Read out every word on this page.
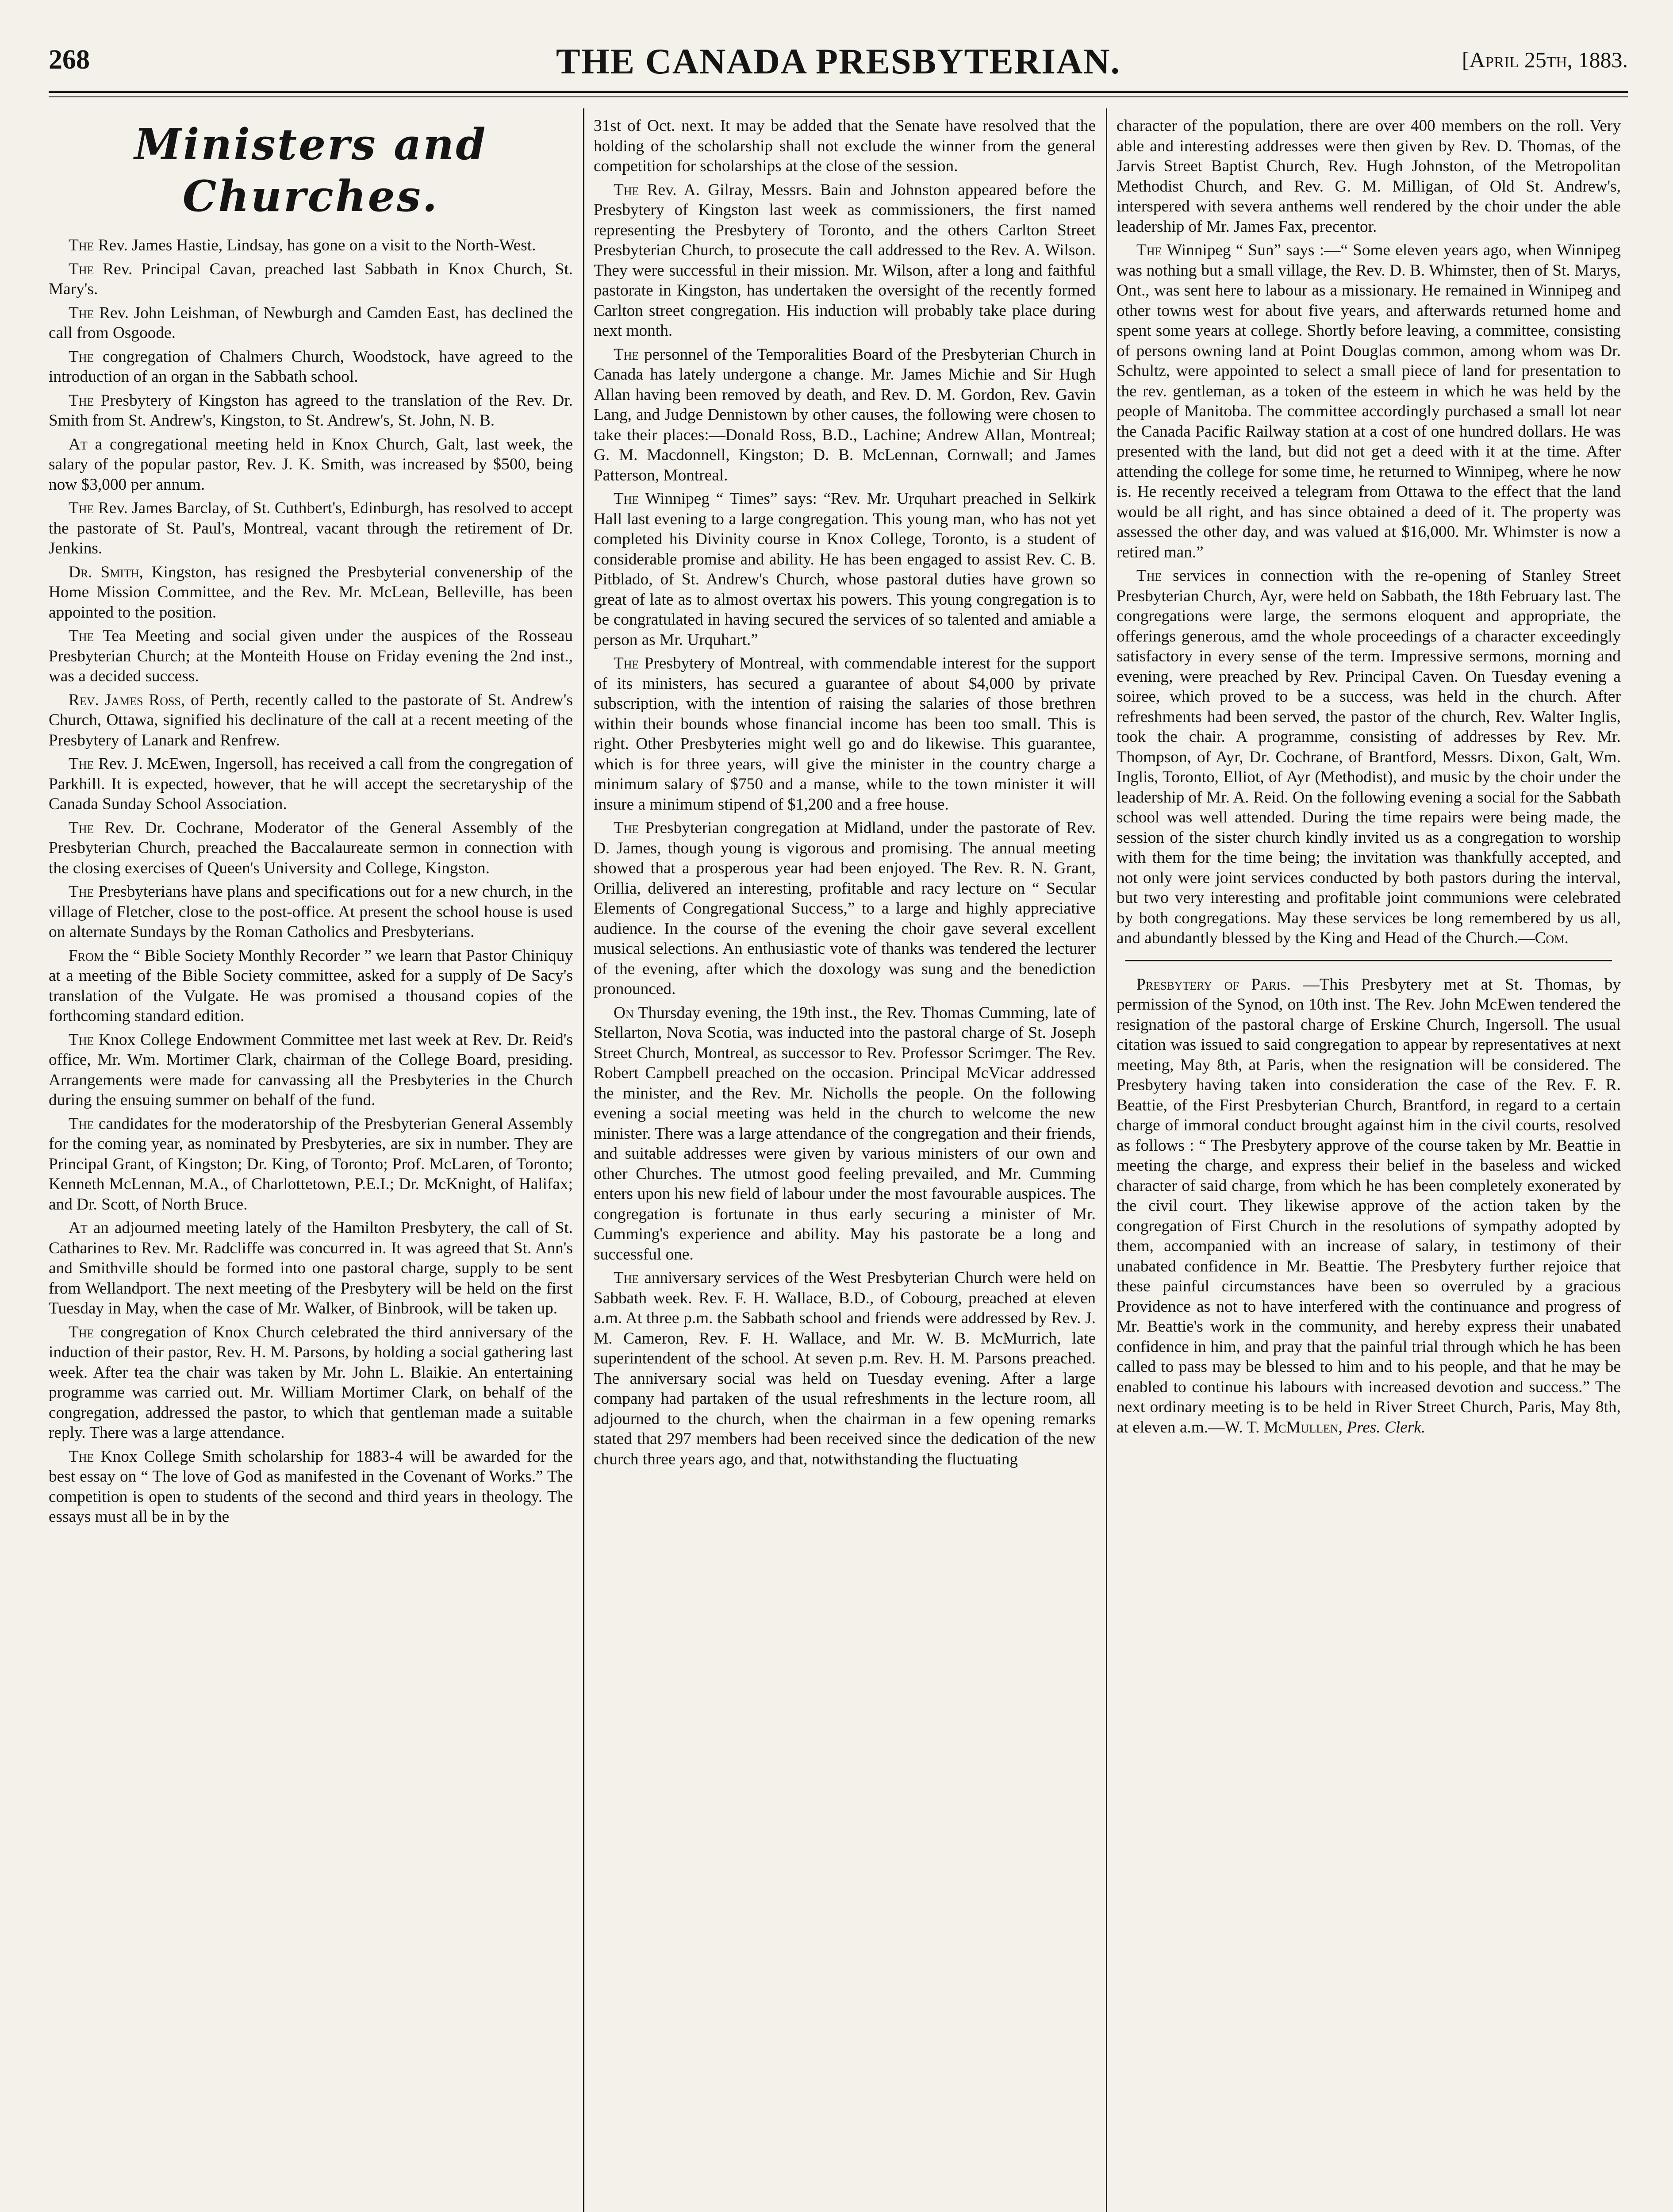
268	THE CANADA PRESBYTERIAN.	[April 25th, 1883.
Ministers and Churches.

The Rev. James Hastie, Lindsay, has gone on a visit to the North-West.

The Rev. Principal Cavan, preached last Sabbath in Knox Church, St. Mary's.

The Rev. John Leishman, of Newburgh and Camden East, has declined the call from Osgoode.

The congregation of Chalmers Church, Woodstock, have agreed to the introduction of an organ in the Sabbath school.

The Presbytery of Kingston has agreed to the translation of the Rev. Dr. Smith from St. Andrew's, Kingston, to St. Andrew's, St. John, N. B.

At a congregational meeting held in Knox Church, Galt, last week, the salary of the popular pastor, Rev. J. K. Smith, was increased by $500, being now $3,000 per annum.

The Rev. James Barclay, of St. Cuthbert's, Edinburgh, has resolved to accept the pastorate of St. Paul's, Montreal, vacant through the retirement of Dr. Jenkins.

Dr. Smith, Kingston, has resigned the Presbyterial convenership of the Home Mission Committee, and the Rev. Mr. McLean, Belleville, has been appointed to the position.

The Tea Meeting and social given under the auspices of the Rosseau Presbyterian Church; at the Monteith House on Friday evening the 2nd inst., was a decided success.

Rev. James Ross, of Perth, recently called to the pastorate of St. Andrew's Church, Ottawa, signified his declinature of the call at a recent meeting of the Presbytery of Lanark and Renfrew.

The Rev. J. McEwen, Ingersoll, has received a call from the congregation of Parkhill. It is expected, however, that he will accept the secretaryship of the Canada Sunday School Association.

The Rev. Dr. Cochrane, Moderator of the General Assembly of the Presbyterian Church, preached the Baccalaureate sermon in connection with the closing exercises of Queen's University and College, Kingston.

The Presbyterians have plans and specifications out for a new church, in the village of Fletcher, close to the post-office. At present the school house is used on alternate Sundays by the Roman Catholics and Presbyterians.

From the “ Bible Society Monthly Recorder ” we learn that Pastor Chiniquy at a meeting of the Bible Society committee, asked for a supply of De Sacy's translation of the Vulgate. He was promised a thousand copies of the forthcoming standard edition.

The Knox College Endowment Committee met last week at Rev. Dr. Reid's office, Mr. Wm. Mortimer Clark, chairman of the College Board, presiding. Arrangements were made for canvassing all the Presbyteries in the Church during the ensuing summer on behalf of the fund.

The candidates for the moderatorship of the Presbyterian General Assembly for the coming year, as nominated by Presbyteries, are six in number. They are Principal Grant, of Kingston; Dr. King, of Toronto; Prof. McLaren, of Toronto; Kenneth McLennan, M.A., of Charlottetown, P.E.I.; Dr. McKnight, of Halifax; and Dr. Scott, of North Bruce.

At an adjourned meeting lately of the Hamilton Presbytery, the call of St. Catharines to Rev. Mr. Radcliffe was concurred in. It was agreed that St. Ann's and Smithville should be formed into one pastoral charge, supply to be sent from Wellandport. The next meeting of the Presbytery will be held on the first Tuesday in May, when the case of Mr. Walker, of Binbrook, will be taken up.

The congregation of Knox Church celebrated the third anniversary of the induction of their pastor, Rev. H. M. Parsons, by holding a social gathering last week. After tea the chair was taken by Mr. John L. Blaikie. An entertaining programme was carried out. Mr. William Mortimer Clark, on behalf of the congregation, addressed the pastor, to which that gentleman made a suitable reply. There was a large attendance.

The Knox College Smith scholarship for 1883-4 will be awarded for the best essay on “ The love of God as manifested in the Covenant of Works.” The competition is open to students of the second and third years in theology. The essays must all be in by the

31st of Oct. next. It may be added that the Senate have resolved that the holding of the scholarship shall not exclude the winner from the general competition for scholarships at the close of the session.

The Rev. A. Gilray, Messrs. Bain and Johnston appeared before the Presbytery of Kingston last week as commissioners, the first named representing the Presbytery of Toronto, and the others Carlton Street Presbyterian Church, to prosecute the call addressed to the Rev. A. Wilson. They were successful in their mission. Mr. Wilson, after a long and faithful pastorate in Kingston, has undertaken the oversight of the recently formed Carlton street congregation. His induction will probably take place during next month.

The personnel of the Temporalities Board of the Presbyterian Church in Canada has lately undergone a change. Mr. James Michie and Sir Hugh Allan having been removed by death, and Rev. D. M. Gordon, Rev. Gavin Lang, and Judge Dennistown by other causes, the following were chosen to take their places:—Donald Ross, B.D., Lachine; Andrew Allan, Montreal; G. M. Macdonnell, Kingston; D. B. McLennan, Cornwall; and James Patterson, Montreal.

The Winnipeg “ Times” says: “Rev. Mr. Urquhart preached in Selkirk Hall last evening to a large congregation. This young man, who has not yet completed his Divinity course in Knox College, Toronto, is a student of considerable promise and ability. He has been engaged to assist Rev. C. B. Pitblado, of St. Andrew's Church, whose pastoral duties have grown so great of late as to almost overtax his powers. This young congregation is to be congratulated in having secured the services of so talented and amiable a person as Mr. Urquhart.”

The Presbytery of Montreal, with commendable interest for the support of its ministers, has secured a guarantee of about $4,000 by private subscription, with the intention of raising the salaries of those brethren within their bounds whose financial income has been too small. This is right. Other Presbyteries might well go and do likewise. This guarantee, which is for three years, will give the minister in the country charge a minimum salary of $750 and a manse, while to the town minister it will insure a minimum stipend of $1,200 and a free house.

The Presbyterian congregation at Midland, under the pastorate of Rev. D. James, though young is vigorous and promising. The annual meeting showed that a prosperous year had been enjoyed. The Rev. R. N. Grant, Orillia, delivered an interesting, profitable and racy lecture on “ Secular Elements of Congregational Success,” to a large and highly appreciative audience. In the course of the evening the choir gave several excellent musical selections. An enthusiastic vote of thanks was tendered the lecturer of the evening, after which the doxology was sung and the benediction pronounced.

On Thursday evening, the 19th inst., the Rev. Thomas Cumming, late of Stellarton, Nova Scotia, was inducted into the pastoral charge of St. Joseph Street Church, Montreal, as successor to Rev. Professor Scrimger. The Rev. Robert Campbell preached on the occasion. Principal McVicar addressed the minister, and the Rev. Mr. Nicholls the people. On the following evening a social meeting was held in the church to welcome the new minister. There was a large attendance of the congregation and their friends, and suitable addresses were given by various ministers of our own and other Churches. The utmost good feeling prevailed, and Mr. Cumming enters upon his new field of labour under the most favourable auspices. The congregation is fortunate in thus early securing a minister of Mr. Cumming's experience and ability. May his pastorate be a long and successful one.

The anniversary services of the West Presbyterian Church were held on Sabbath week. Rev. F. H. Wallace, B.D., of Cobourg, preached at eleven a.m. At three p.m. the Sabbath school and friends were addressed by Rev. J. M. Cameron, Rev. F. H. Wallace, and Mr. W. B. McMurrich, late superintendent of the school. At seven p.m. Rev. H. M. Parsons preached. The anniversary social was held on Tuesday evening. After a large company had partaken of the usual refreshments in the lecture room, all adjourned to the church, when the chairman in a few opening remarks stated that 297 members had been received since the dedication of the new church three years ago, and that, notwithstanding the fluctuating

character of the population, there are over 400 members on the roll. Very able and interesting addresses were then given by Rev. D. Thomas, of the Jarvis Street Baptist Church, Rev. Hugh Johnston, of the Metropolitan Methodist Church, and Rev. G. M. Milligan, of Old St. Andrew's, interspered with severa anthems well rendered by the choir under the able leadership of Mr. James Fax, precentor.

The Winnipeg “ Sun” says :—“ Some eleven years ago, when Winnipeg was nothing but a small village, the Rev. D. B. Whimster, then of St. Marys, Ont., was sent here to labour as a missionary. He remained in Winnipeg and other towns west for about five years, and afterwards returned home and spent some years at college. Shortly before leaving, a committee, consisting of persons owning land at Point Douglas common, among whom was Dr. Schultz, were appointed to select a small piece of land for presentation to the rev. gentleman, as a token of the esteem in which he was held by the people of Manitoba. The committee accordingly purchased a small lot near the Canada Pacific Railway station at a cost of one hundred dollars. He was presented with the land, but did not get a deed with it at the time. After attending the college for some time, he returned to Winnipeg, where he now is. He recently received a telegram from Ottawa to the effect that the land would be all right, and has since obtained a deed of it. The property was assessed the other day, and was valued at $16,000. Mr. Whimster is now a retired man.”

The services in connection with the re-opening of Stanley Street Presbyterian Church, Ayr, were held on Sabbath, the 18th February last. The congregations were large, the sermons eloquent and appropriate, the offerings generous, amd the whole proceedings of a character exceedingly satisfactory in every sense of the term. Impressive sermons, morning and evening, were preached by Rev. Principal Caven. On Tuesday evening a soiree, which proved to be a success, was held in the church. After refreshments had been served, the pastor of the church, Rev. Walter Inglis, took the chair. A programme, consisting of addresses by Rev. Mr. Thompson, of Ayr, Dr. Cochrane, of Brantford, Messrs. Dixon, Galt, Wm. Inglis, Toronto, Elliot, of Ayr (Methodist), and music by the choir under the leadership of Mr. A. Reid. On the following evening a social for the Sabbath school was well attended. During the time repairs were being made, the session of the sister church kindly invited us as a congregation to worship with them for the time being; the invitation was thankfully accepted, and not only were joint services conducted by both pastors during the interval, but two very interesting and profitable joint communions were celebrated by both congregations. May these services be long remembered by us all, and abundantly blessed by the King and Head of the Church.—Com.

Presbytery of Paris. —This Presbytery met at St. Thomas, by permission of the Synod, on 10th inst. The Rev. John McEwen tendered the resignation of the pastoral charge of Erskine Church, Ingersoll. The usual citation was issued to said congregation to appear by representatives at next meeting, May 8th, at Paris, when the resignation will be considered. The Presbytery having taken into consideration the case of the Rev. F. R. Beattie, of the First Presbyterian Church, Brantford, in regard to a certain charge of immoral conduct brought against him in the civil courts, resolved as follows : “ The Presbytery approve of the course taken by Mr. Beattie in meeting the charge, and express their belief in the baseless and wicked character of said charge, from which he has been completely exonerated by the civil court. They likewise approve of the action taken by the congregation of First Church in the resolutions of sympathy adopted by them, accompanied with an increase of salary, in testimony of their unabated confidence in Mr. Beattie. The Presbytery further rejoice that these painful circumstances have been so overruled by a gracious Providence as not to have interfered with the continuance and progress of Mr. Beattie's work in the community, and hereby express their unabated confidence in him, and pray that the painful trial through which he has been called to pass may be blessed to him and to his people, and that he may be enabled to continue his labours with increased devotion and success.” The next ordinary meeting is to be held in River Street Church, Paris, May 8th, at eleven a.m.—W. T. McMullen, Pres. Clerk.
